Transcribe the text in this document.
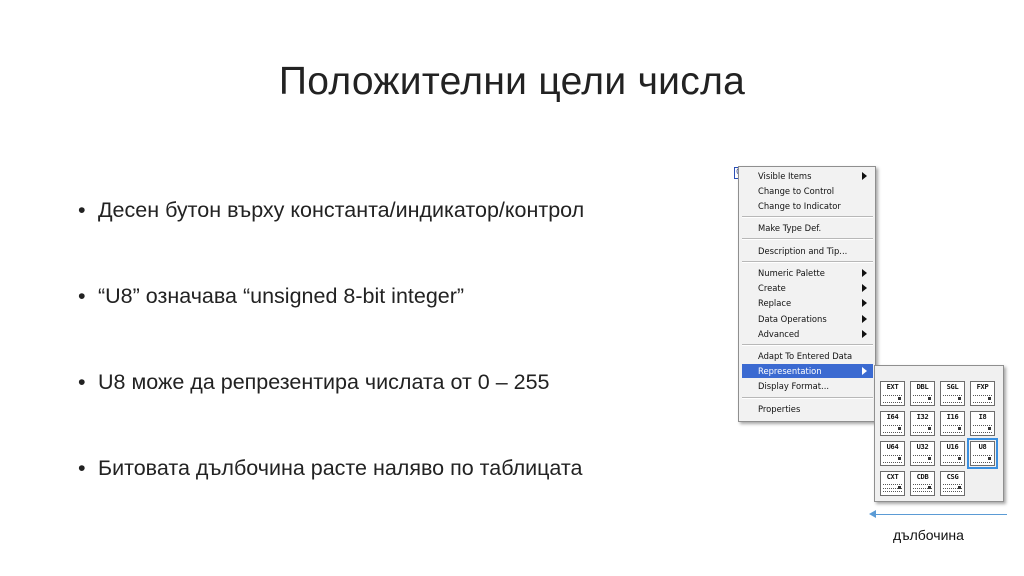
Положителни цели числа
• Десен бутон върху константа/индикатор/контрол
• “U8” означава “unsigned 8-bit integer”
• U8 може да репрезентира числата от 0 – 255
• Битовата дълбочина расте наляво по таблицата
Visible Items
Change to Control
Change to Indicator
Make Type Def.
Description and Tip...
Numeric Palette
Create
Replace
Data Operations
Advanced
Adapt To Entered Data
Representation
Display Format...
Properties
EXT	DBL	SGL	FXP
I64	I32	I16	I8
U64	U32	U16	U8
CXT	CDB	CSG
дълбочина
